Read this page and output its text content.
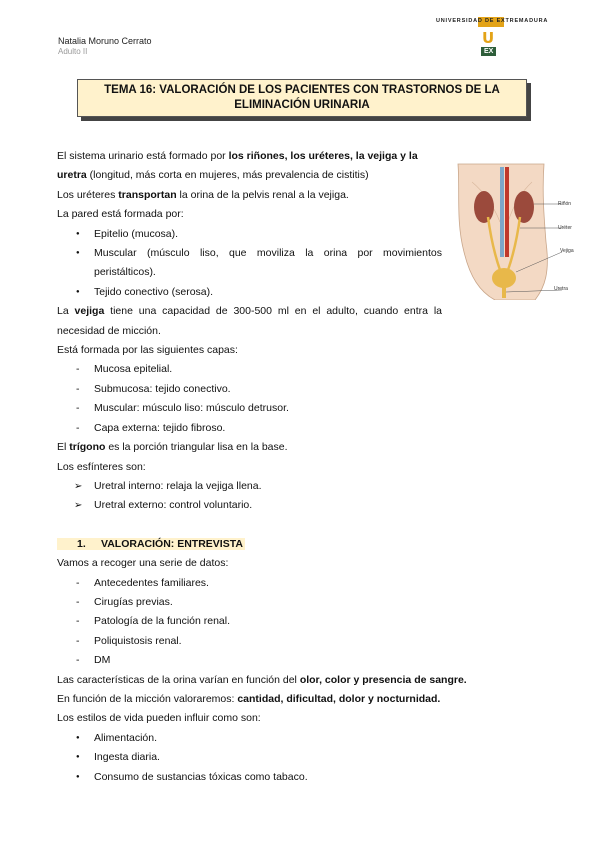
Natalia Moruno Cerrato
Adulto II
UNIVERSIDAD DE EXTREMADURA
U
EX
TEMA 16: VALORACIÓN DE LOS PACIENTES CON TRASTORNOS DE LA
ELIMINACIÓN URINARIA
Riñón
Uréter
Vejiga
Uretra

El sistema urinario está formado por los riñones, los uréteres, la vejiga y la uretra (longitud, más corta en mujeres, más prevalencia de cistitis)

Los uréteres transportan la orina de la pelvis renal a la vejiga.

La pared está formada por:

● Epitelio (mucosa).
● Muscular (músculo liso, que moviliza la orina por movimientos peristálticos).
● Tejido conectivo (serosa).

La vejiga tiene una capacidad de 300-500 ml en el adulto, cuando entra la necesidad de micción.

Está formada por las siguientes capas:

- Mucosa epitelial.
- Submucosa: tejido conectivo.
- Muscular: músculo liso: músculo detrusor.
- Capa externa: tejido fibroso.

El trígono es la porción triangular lisa en la base.

Los esfínteres son:

➢ Uretral interno: relaja la vejiga llena.
➢ Uretral externo: control voluntario.

1. VALORACIÓN: ENTREVISTA

Vamos a recoger una serie de datos:

- Antecedentes familiares.
- Cirugías previas.
- Patología de la función renal.
- Poliquistosis renal.
- DM

Las características de la orina varían en función del olor, color y presencia de sangre.

En función de la micción valoraremos: cantidad, dificultad, dolor y nocturnidad.

Los estilos de vida pueden influir como son:

● Alimentación.
● Ingesta diaria.
● Consumo de sustancias tóxicas como tabaco.
